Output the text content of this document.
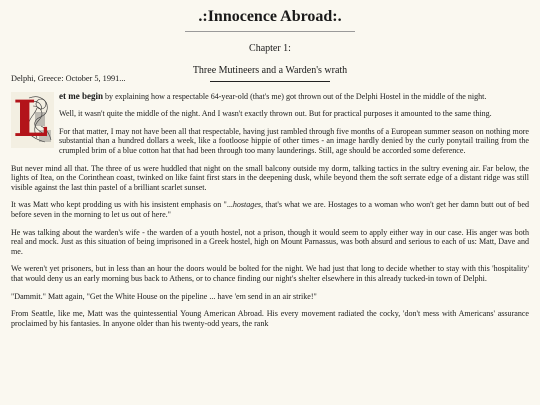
.:Innocence Abroad:.
Chapter 1:
Three Mutineers and a Warden's wrath
Delphi, Greece: October 5, 1991...
L	et me begin by explaining how a respectable 64-year-old (that's me) got thrown out of the Delphi Hostel in the middle of the night.

Well, it wasn't quite the middle of the night. And I wasn't exactly thrown out. But for practical purposes it amounted to the same thing.

For that matter, I may not have been all that respectable, having just rambled through five months of a European summer season on nothing more substantial than a hundred dollars a week, like a footloose hippie of other times - an image hardly denied by the curly ponytail trailing from the crumpled brim of a blue cotton hat that had been through too many launderings. Still, age should be accorded some deference.

But never mind all that. The three of us were huddled that night on the small balcony outside my dorm, talking tactics in the sultry evening air. Far below, the lights of Itea, on the Corinthean coast, twinked on like faint first stars in the deepening dusk, while beyond them the soft serrate edge of a distant ridge was still visible against the last thin pastel of a brilliant scarlet sunset.

It was Matt who kept prodding us with his insistent emphasis on "...hostages, that's what we are. Hostages to a woman who won't get her damn butt out of bed before seven in the morning to let us out of here."

He was talking about the warden's wife - the warden of a youth hostel, not a prison, though it would seem to apply either way in our case. His anger was both real and mock. Just as this situation of being imprisoned in a Greek hostel, high on Mount Parnassus, was both absurd and serious to each of us: Matt, Dave and me.

We weren't yet prisoners, but in less than an hour the doors would be bolted for the night. We had just that long to decide whether to stay with this 'hospitality' that would deny us an early morning bus back to Athens, or to chance finding our night's shelter elsewhere in this already tucked-in town of Delphi.

"Dammit." Matt again, "Get the White House on the pipeline ... have 'em send in an air strike!"

From Seattle, like me, Matt was the quintessential Young American Abroad. His every movement radiated the cocky, 'don't mess with Americans' assurance proclaimed by his fantasies. In anyone older than his twenty-odd years, the rank
